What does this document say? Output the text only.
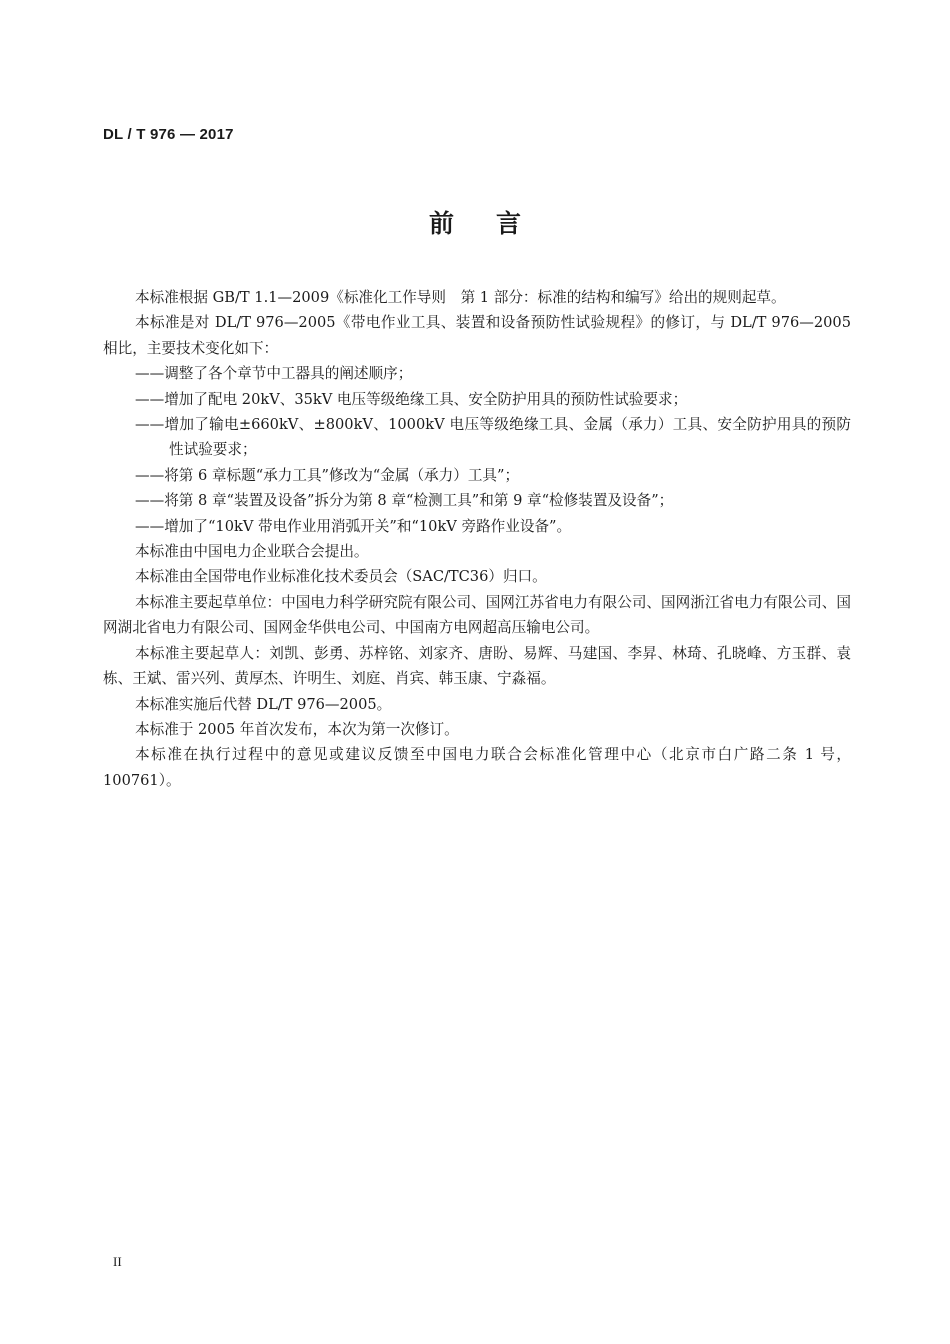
DL / T 976 — 2017
前言

本标准根据 GB/T 1.1—2009《标准化工作导则　第 1 部分：标准的结构和编写》给出的规则起草。

本标准是对 DL/T 976—2005《带电作业工具、装置和设备预防性试验规程》的修订，与 DL/T 976—2005 相比，主要技术变化如下：

——调整了各个章节中工器具的阐述顺序；

——增加了配电 20kV、35kV 电压等级绝缘工具、安全防护用具的预防性试验要求；

——增加了输电±660kV、±800kV、1000kV 电压等级绝缘工具、金属（承力）工具、安全防护用具的预防性试验要求；

——将第 6 章标题“承力工具”修改为“金属（承力）工具”；

——将第 8 章“装置及设备”拆分为第 8 章“检测工具”和第 9 章“检修装置及设备”；

——增加了“10kV 带电作业用消弧开关”和“10kV 旁路作业设备”。

本标准由中国电力企业联合会提出。

本标准由全国带电作业标准化技术委员会（SAC/TC36）归口。

本标准主要起草单位：中国电力科学研究院有限公司、国网江苏省电力有限公司、国网浙江省电力有限公司、国网湖北省电力有限公司、国网金华供电公司、中国南方电网超高压输电公司。

本标准主要起草人：刘凯、彭勇、苏梓铭、刘家齐、唐盼、易辉、马建国、李昇、林琦、孔晓峰、方玉群、袁栋、王斌、雷兴列、黄厚杰、许明生、刘庭、肖宾、韩玉康、宁淼福。

本标准实施后代替 DL/T 976—2005。

本标准于 2005 年首次发布，本次为第一次修订。

本标准在执行过程中的意见或建议反馈至中国电力联合会标准化管理中心（北京市白广路二条 1 号，100761）。

II
